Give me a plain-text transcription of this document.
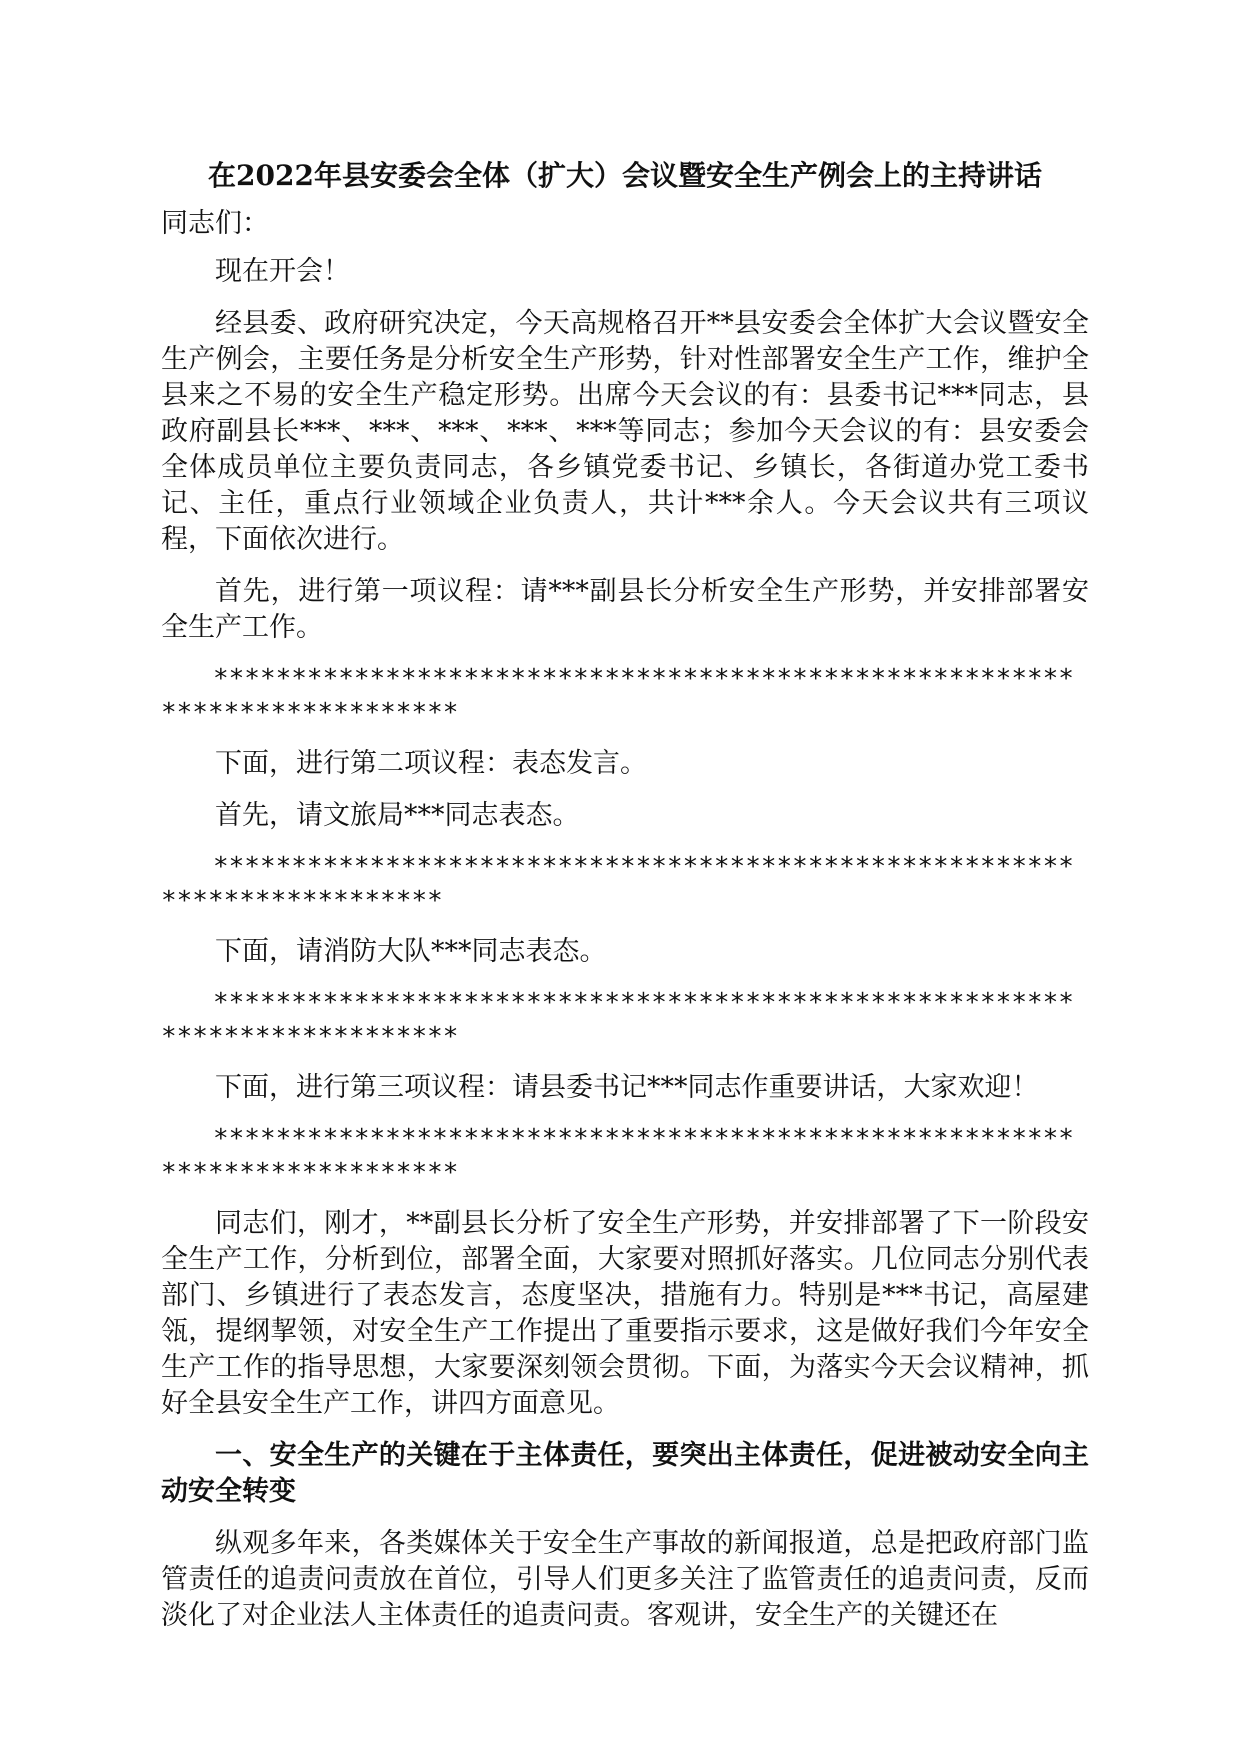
在2022年县安委会全体（扩大）会议暨安全生产例会上的主持讲话
同志们：

现在开会！

经县委、政府研究决定，今天高规格召开**县安委会全体扩大会议暨安全生产例会，主要任务是分析安全生产形势，针对性部署安全生产工作，维护全县来之不易的安全生产稳定形势。出席今天会议的有：县委书记***同志，县政府副县长***、***、***、***、***等同志；参加今天会议的有：县安委会全体成员单位主要负责同志，各乡镇党委书记、乡镇长，各街道办党工委书记、主任，重点行业领域企业负责人，共计***余人。今天会议共有三项议程，下面依次进行。

首先，进行第一项议程：请***副县长分析安全生产形势，并安排部署安全生产工作。

**************************************************************************

下面，进行第二项议程：表态发言。

首先，请文旅局***同志表态。

*************************************************************************

下面，请消防大队***同志表态。

**************************************************************************

下面，进行第三项议程：请县委书记***同志作重要讲话，大家欢迎！

**************************************************************************

同志们，刚才，**副县长分析了安全生产形势，并安排部署了下一阶段安全生产工作，分析到位，部署全面，大家要对照抓好落实。几位同志分别代表部门、乡镇进行了表态发言，态度坚决，措施有力。特别是***书记，高屋建瓴，提纲挈领，对安全生产工作提出了重要指示要求，这是做好我们今年安全生产工作的指导思想，大家要深刻领会贯彻。下面，为落实今天会议精神，抓好全县安全生产工作，讲四方面意见。

一、安全生产的关键在于主体责任，要突出主体责任，促进被动安全向主动安全转变

纵观多年来，各类媒体关于安全生产事故的新闻报道，总是把政府部门监管责任的追责问责放在首位，引导人们更多关注了监管责任的追责问责，反而淡化了对企业法人主体责任的追责问责。客观讲，安全生产的关键还在
